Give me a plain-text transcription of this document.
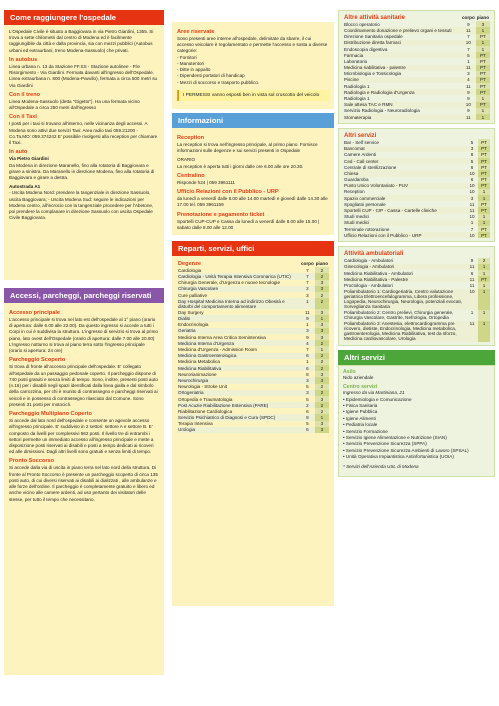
Come raggiungere l'ospedale

L'Ospedale Civile è situato a Baggiovara in via Pietro Giardini, 1355. Si trova a sette chilometri dal centro di Modena ed è facilmente raggiungibile da città e dalla provincia, sia con mezzi pubblici (Autobus urbani ed extraurbani, treno Modena-Sassuolo) che privati.

In autobus

Linea urbana n. 13 da Stazione FF.SS - Stazione autolinee - P.le Risorgimento - Via Giardini. Fermata davanti all'ingresso dell'Ospedale.

Linea extraurbana n. 800 (Modena-Pavullo), fermata a circa 500 metri su Via Giardini

Con il treno

Linea Modena-Sassuolo (detta "Gigetto"). Ha una fermata vicino all'Ospedale a circa 250 metri dall'ingresso

Con il Taxi

I posti per i taxi si trovano all'interno, nelle vicinanza degli accessi. A Modena sono attivi due servizi Taxi: Area radio taxi 059.21200 - Co.Ta.MO: 059.374242 E' possibile rivolgersi alla reception per chiamare il Taxi.

In auto

Via Pietro Giardini

Da Modena in direzione Maranello, fino alla rotatoria di Baggiovara e girare a sinistra. Da Maranello in direzione Modena, fino alla rotatoria di Baggiovara e girare a destra.

Autostrada A1

- Uscita Modena Nord: prendere la tangenziale in direzione Sassuolo, uscita Baggiovara; - Uscita Modena Sud: seguire le indicazioni per Modena centro, all'incrocio con la tangenziale procedere per l'Abetone, poi prendere la complanare in direzione Sassuolo con uscita Ospedale Civile Baggiovara.

Accessi, parcheggi, parcheggi riservati
Accesso principale

L'accesso principale si trova nel lato est dell'ospedale al 1° piano (orario di apertura: dalle 6.00 alle 22.00). Da questo ingresso si accede a tutti i Corpi in cui è suddivisa la struttura. L'ingresso di servizio si trova al primo piano, lato ovest dell'Ospedale (orario di apertura: dalle 7.00 alle 20.00) L'ingresso notturno si trova al piano terra sotto l'ingresso principale (orario si apertura: 24 ore)

Parcheggio Scoperto

Si trova di fronte all'accesso principale dell'ospedale. E' collegato all'ospedale da un passaggio pedonale coperto. Il parcheggio dispone di 740 posti gratuiti e senza limiti di tempo. Sono, inoltre, presenti posti auto (n.16) per i disabili negli spazi identificati dalla linea gialla e dal simbolo della carrozzina, per chi è munito di contrassegno e parcheggi riservati ai veicoli e in possesso di contrassegno rilasciato dal Comune. Sono presenti 31 posti per motocicli.

Parcheggio Multipiano Coperto

Si accede dal lato nord dell'ospedale e consente un agevole accesso all'ingresso principale. E' suddiviso in 2 settori: settore A e settore B. E' composto da livelli per complessivi 562 posti. Il livello tre di entrambi i settori permette un immediato accesso all'ingresso principale e mette a disposizione posti riservati ai disabili e posti a tempo dedicati ai ricoveri ed alle dimissioni. Dagli altri livelli sono gratuiti e senza limiti di tempo.

Pronto Soccorso

Si accede dalla via di uscita in piano terra nel lato nord della struttura. Di fronte al Pronto Soccorso è presente un parcheggio scoperto di circa 135 posti auto, di cui diversi riservati ai disabili ai dializzati , alle ambulanze e alle forze dell'ordine. Il parcheggio è completamente gratuito e libero ed anche vicino alle camere ardenti, ad uso pertanto dei visitatori delle stesse, per tutto il tempo che necessitano.

Aree riservate

Sono presenti aree interne all'ospedale, delimitate da sbarre, il cui accesso veicolare è regolamentato e permette l'accesso e sosta a diverse categorie:

- Fornitori

- Manutentori

- Ditte in appalto

- Dipendenti portatori di handicap

- Mezzi di soccorso e trasporto pubblico.

I PERMESSI vanno esposti ben in vista sul cruscotto del veicolo
Informazioni
Reception

La reception si trova nell'ingresso principale, al primo piano. Fornisce informazioni sulle degenze e sui servizi presenti in Ospedale

ORARIO

La reception è aperta tutti i giorni dalle ore 6.00 alle ore 20.30.

Centralino

Risponde h24 | 059 3961111

Ufficio Relazioni con il Pubblico - URP

da lunedì a venerdì dalle 8.00 alle 14.00 martedì e giovedì dalle 14.30 alle 17.00 tel. 059 3961159

Prenotazione e pagamento ticket

Sportelli CUP-CUP e Cassa da lunedì a venerdì dalle 8.00 alle 15.00 | sabato dalle 8.00 alle 12.00

Reparti, servizi, uffici
Degenze	corpo	piano
Cardiologia	7	2
Cardiologia - Unità Terapia Intensiva Coronarica (UTIC)	7	2
Chirurgia Generale, d'Urgenza e nuove tecnologie	7	3
Chirurgia Vascolare	2	3
Cure palliative	3	2
Day Hospital Medicina Interna ad indirizzo Obesità e disturbi del comportamento alimentare	1	2
Day Surgery	11	3
Dialisi	9	1
Endocrinologia	1	3
Geriatria	3	3
Medicina Interna Area Critica Semintensiva	9	3
Medicina Interna d'Urgenza	4	2
Medicina d'Urgenza - Admission Room	7	1
Medicina Gastroenterologica	6	2
Medicina Metabolica	1	2
Medicina Riabilitativa	6	2
Neurorianimazione	8	3
Neurochirurgia	3	3
Neurologia - Stroke Unit	5	2
Ortogeriatria	3	2
Ortopedia e Traumatologia	5	3
Post Acuzie Riabilitazione Estensiva (PARE)	2	2
Riabilitazione Cardiologica	6	2
Servizio Psichiatrico di Diagnosi e Cura (SPDC)	8	1
Terapia Intensiva	5	3
Urologia	6	3
Altre attività sanitarie	corpo	piano
Blocco operatorio	9	3
Coordinamento donazione e prelievo organi e tessuti	11	1
Direzione Sanitaria ospedale	7	PT
Distribuzione diretta farmaci	10	1
Endoscopia digestiva	7	1
Farmacia	5	PT
Laboratorio	1	PT
Medicina riabilitativa - palestre	11	PT
Microbiologia e Tossicologia	3	PT
Piscine	4	PT
Radiologia 1	11	PT
Radiologia e Radiologia d'Urgenza	9	PT
Radiologia 1	9	1
Sale attesa TAC e RMN	10	PT
Servizio Radiologia - Neuroradiologia	9	1
Stomaterapia	11	1
Altri servizi		
Bar - Self service	5	PT
Bancomat	3	PT
Camere Ardenti	8	PT
Ced - Call center	5	PT
Centrale di sterilizzazione	6	PT
Chiesa	10	PT
Guardaroba	6	PT
Punto Unico Volontariato - PUV	10	PT
Reception	10	1
Spazio commerciale	3	1
Spogliatoi personale	11	PT
Sportelli CUP - CIP - Cassa - Cartelle cliniche	11	PT
Studi medici	10	1
Studi medici	1	1
Terminale rottorazione	7	PT
Ufficio Relazioni con il Pubblico - URP	10	PT
Attività ambulatoriali		
Cardiologia - Ambulatori	9	2
Ginecologia - Ambulatori	11	1
Medicina Riabilitativa - Ambulatori	6	1
Medicina Riabilitativa - Palestre	11	PT
Proctologia - Ambulatori	11	1
Poliambulatorio 1: Cardiogeriatria, Centro valutazione geriatrica Elettroencefalogramma, Libera professione, Logopedia, Neurochirurgia, Neurologia, potenziali evocati, Sorveglianza Sanitaria	10	1
Poliambulatorio 2: Centro prelievi, Chirurgia generale, Chirurgia Vascolare, Gastrite, Nefrologia, Ortopedia	1	1
Poliambulatorio 3: Anestesia, elettrocardiogramma pre ricovero, dietiste, Endocrinologia, Medicina metabolica, gastroenterologia, Medicina Riabilitativa, test da sforzo, Medicina cardiovascolare, Urologia	11	1
Altri servizi
Asilo

Nido aziendale

Centro servizi

Ingresso da via Martiniana, 21

• Epidemiologia e Comunicazione
• Fisica Sanitaria
• Igiene Pubblica
• Igiene Alimenti
• Pediatria locale
• Servizio Formazione
• Servizio Igiene Alimentazione e Nutrizione (SIAN)
• Servizio Prevenzione Sicurezza (SPPA)
• Servizio Prevenzione Sicurezza Ambienti di Lavoro (SPSAL)
• Unità Operativa Impiantistica Antinfortunistica (UOIA)

* Servizi dell'Azienda USL di Modena
